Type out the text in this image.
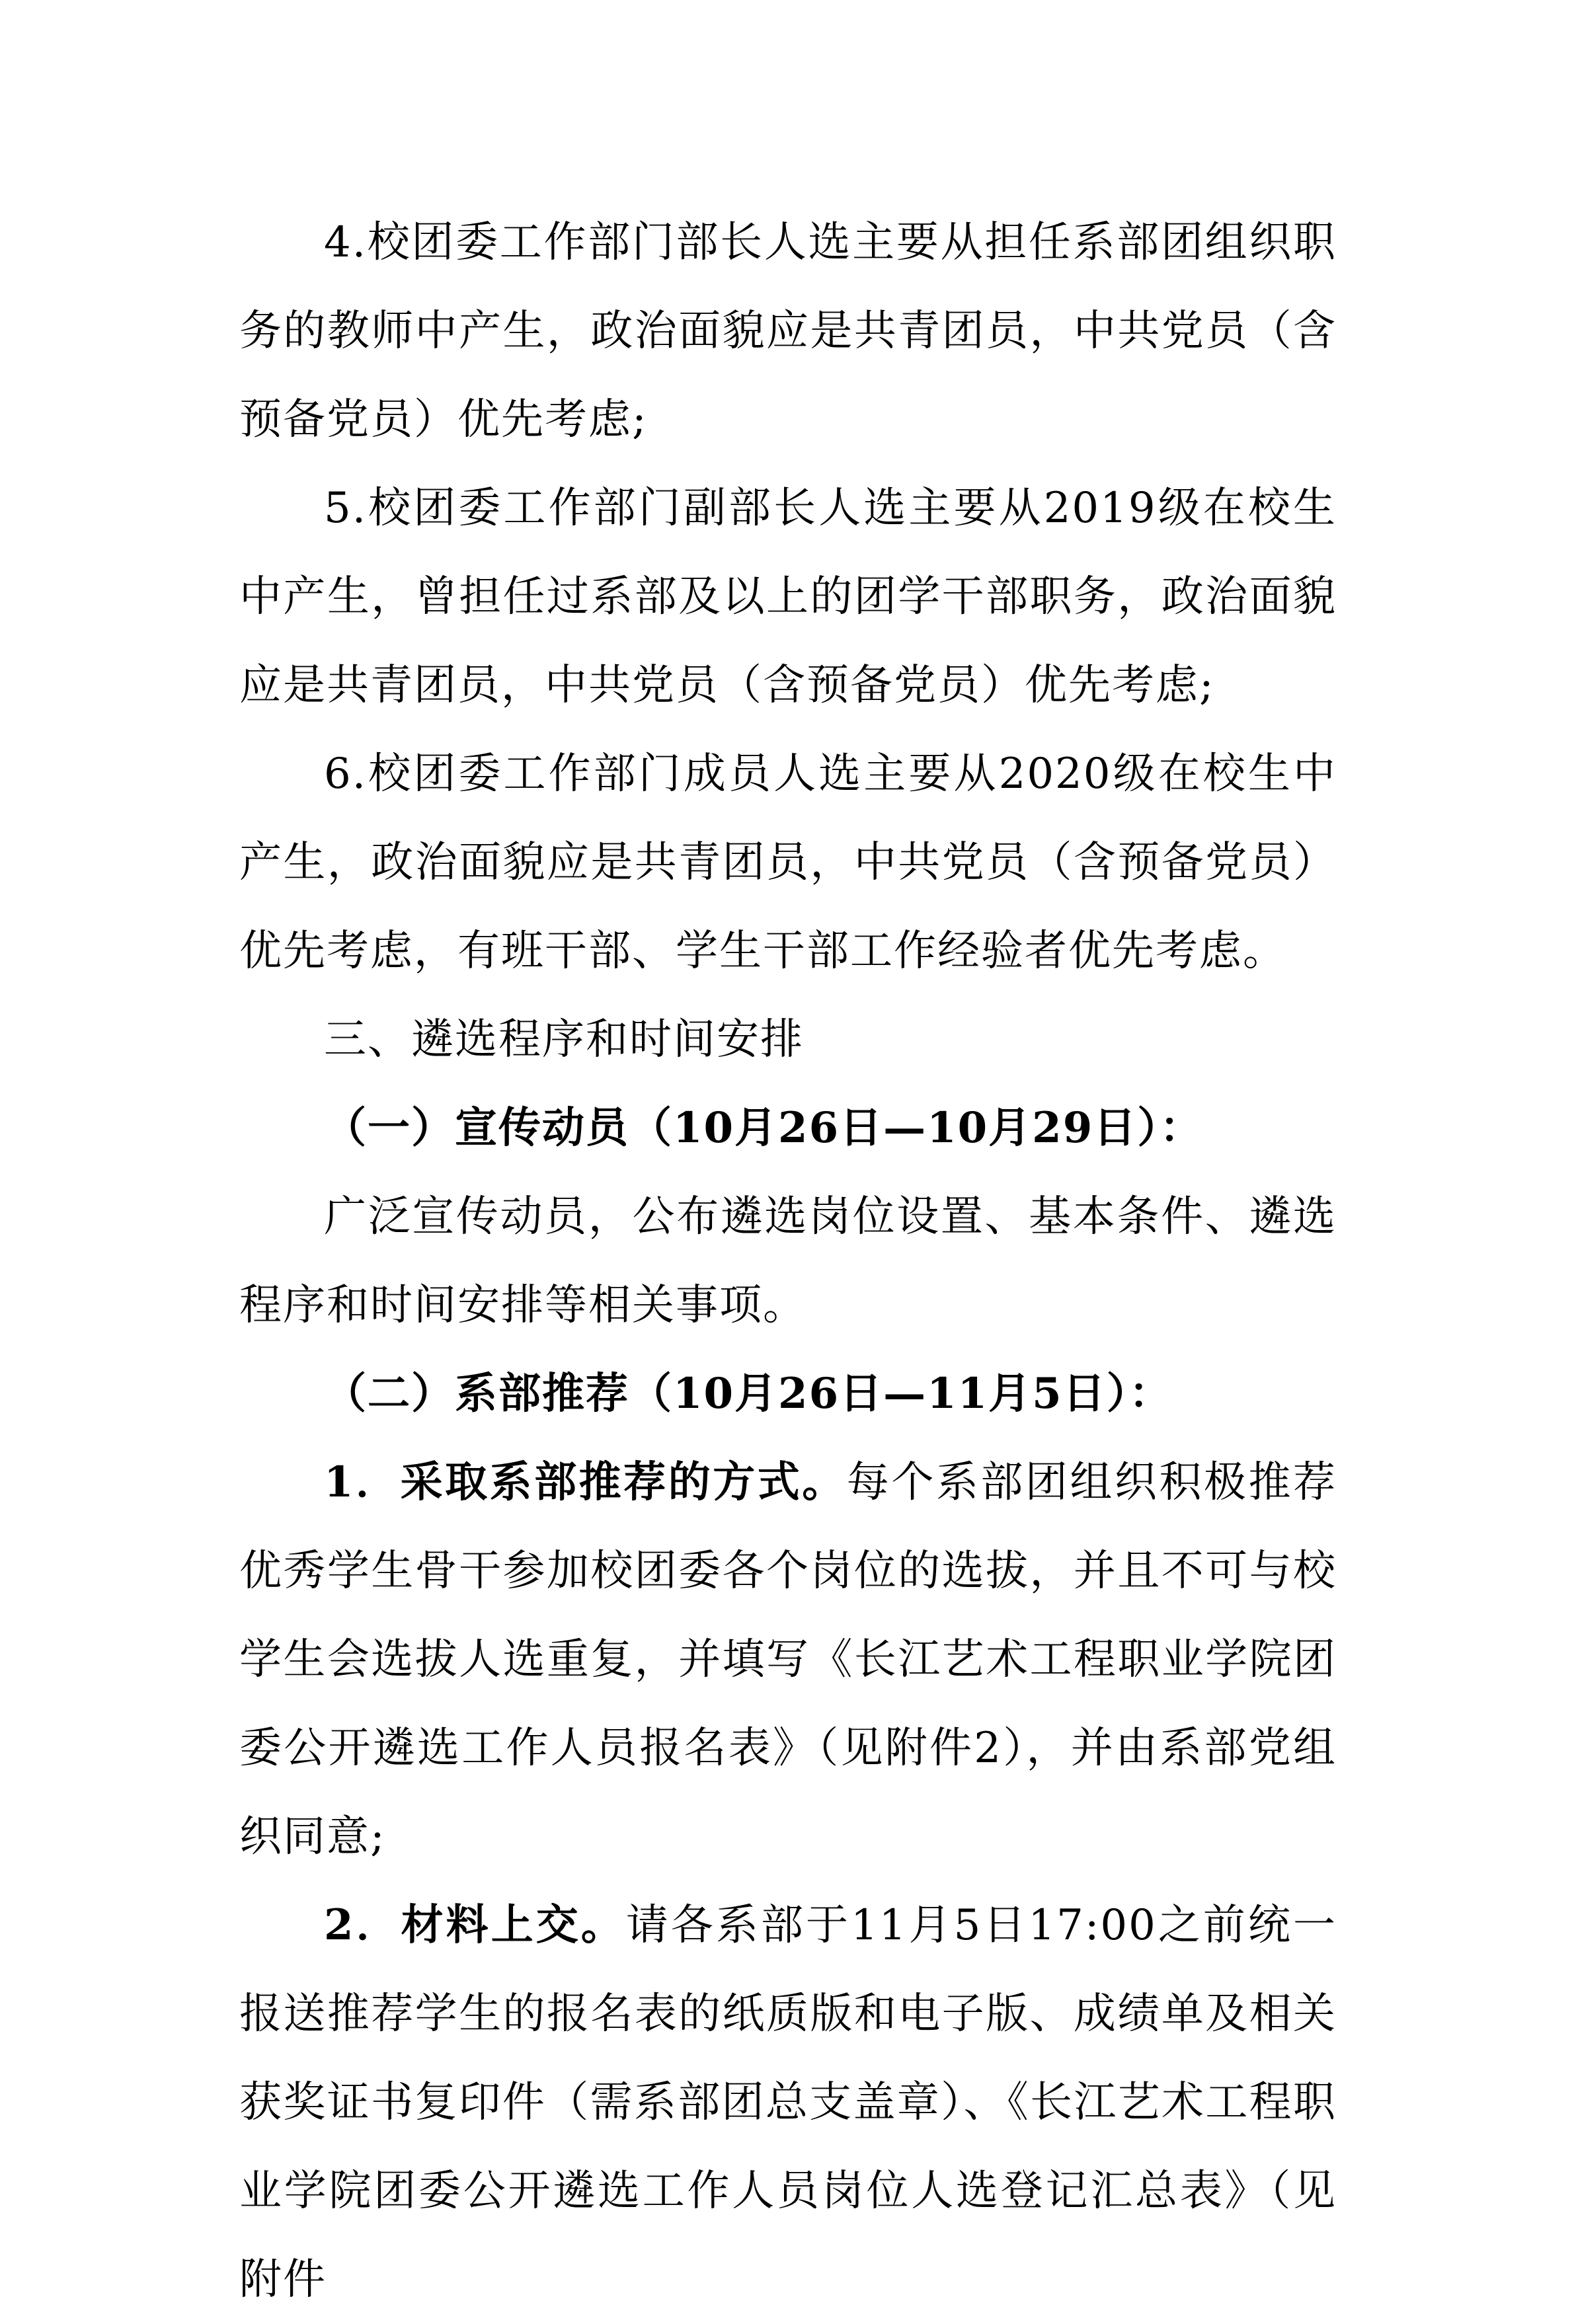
4.校团委工作部门部长人选主要从担任系部团组织职务的教师中产生，政治面貌应是共青团员，中共党员（含预备党员）优先考虑;

5.校团委工作部门副部长人选主要从2019级在校生中产生，曾担任过系部及以上的团学干部职务，政治面貌应是共青团员，中共党员（含预备党员）优先考虑;

6.校团委工作部门成员人选主要从2020级在校生中产生，政治面貌应是共青团员，中共党员（含预备党员）优先考虑，有班干部、学生干部工作经验者优先考虑。

三、遴选程序和时间安排

（一）宣传动员（10月26日—10月29日）：

广泛宣传动员，公布遴选岗位设置、基本条件、遴选程序和时间安排等相关事项。

（二）系部推荐（10月26日—11月5日）：

1．采取系部推荐的方式。每个系部团组织积极推荐优秀学生骨干参加校团委各个岗位的选拔，并且不可与校学生会选拔人选重复，并填写《长江艺术工程职业学院团委公开遴选工作人员报名表》（见附件2），并由系部党组织同意;

2．材料上交。请各系部于11月5日17:00之前统一报送推荐学生的报名表的纸质版和电子版、成绩单及相关获奖证书复印件（需系部团总支盖章）、《长江艺术工程职业学院团委公开遴选工作人员岗位人选登记汇总表》（见附件
